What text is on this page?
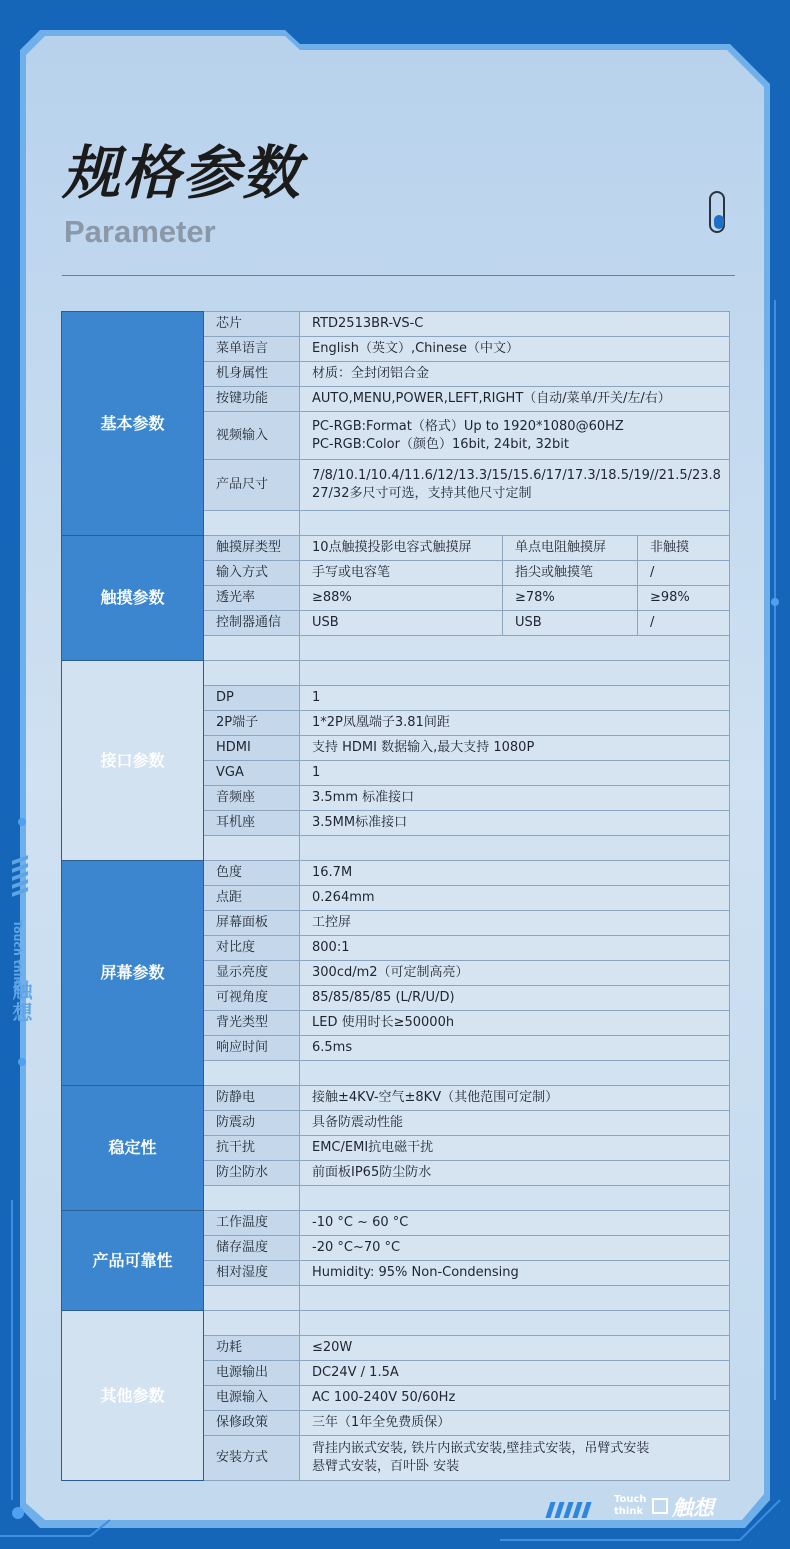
规格参数
Parameter
基本参数	芯片	RTD2513BR-VS-C		
	菜单语言	English（英文）,Chinese（中文）		
	机身属性	材质：全封闭铝合金		
	按键功能	AUTO,MENU,POWER,LEFT,RIGHT（自动/菜单/开关/左/右）		
	视频输入	PC-RGB:Format（格式）Up to 1920*1080@60HZ
PC-RGB:Color（颜色）16bit, 24bit, 32bit		

	产品尺寸	7/8/10.1/10.4/11.6/12/13.3/15/15.6/17/17.3/18.5/19//21.5/23.8
27/32多尺寸可选，支持其他尺寸定制		

触摸参数	触摸屏类型	10点触摸投影电容式触摸屏	单点电阻触摸屏	非触摸
	输入方式	手写或电容笔	指尖或触摸笔	/
	透光率	≥88%	≥78%	≥98%
	控制器通信	USB	USB	/

接口参数				
	DP	1		
	2P端子	1*2P凤凰端子3.81间距		
	HDMI	支持 HDMI 数据输入,最大支持 1080P		
	VGA	1		
	音频座	3.5mm 标准接口		
	耳机座	3.5MM标准接口		

屏幕参数	色度	16.7M		
	点距	0.264mm		
	屏幕面板	工控屏		
	对比度	800:1		
	显示亮度	300cd/m2（可定制高亮）		
	可视角度	85/85/85/85 (L/R/U/D)		
	背光类型	LED 使用时长≥50000h		
	响应时间	6.5ms		

稳定性	防静电	接触±4KV-空气±8KV（其他范围可定制）		
	防震动	具备防震动性能		
	抗干扰	EMC/EMI抗电磁干扰		
	防尘防水	前面板IP65防尘防水		

产品可靠性	工作温度	-10 °C ~ 60 °C		
	储存温度	-20 °C~70 °C		
	相对湿度	Humidity: 95% Non-Condensing		

其他参数				
	功耗	≤20W		
	电源输出	DC24V / 1.5A		
	电源输入	AC 100-240V 50/60Hz		
	保修政策	三年（1年全免费质保）		
	安装方式	背挂内嵌式安装, 铁片内嵌式安装,壁挂式安装，吊臂式安装
悬臂式安装，百叶卧 安装		
Touch think
触想
Touch
think	触想
